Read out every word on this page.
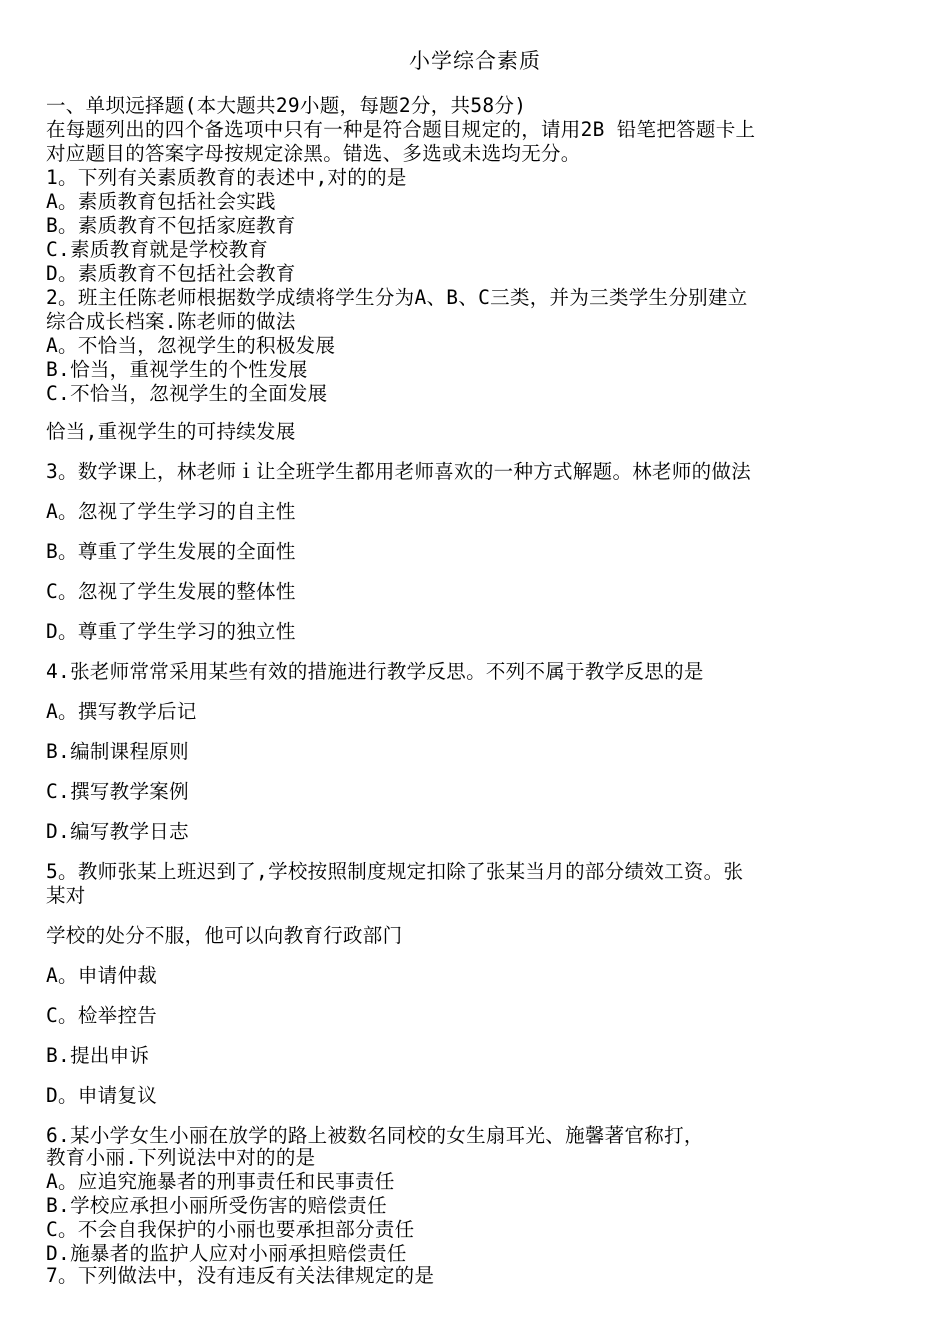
小学综合素质
一、单坝远择题(本大题共29小题，每题2分，共58分)
在每题列出的四个备选项中只有一种是符合题目规定的，请用2B 铅笔把答题卡上
对应题目的答案字母按规定涂黑。错选、多选或未选均无分。
1。下列有关素质教育的表述中,对的的是
A。素质教育包括社会实践
B。素质教育不包括家庭教育
C.素质教育就是学校教育
D。素质教育不包括社会教育
2。班主任陈老师根据数学成绩将学生分为A、B、C三类，并为三类学生分别建立
综合成长档案.陈老师的做法
A。不恰当，忽视学生的积极发展
B.恰当，重视学生的个性发展
C.不恰当，忽视学生的全面发展
恰当,重视学生的可持续发展
3。数学课上，林老师ｉ让全班学生都用老师喜欢的一种方式解题。林老师的做法
A。忽视了学生学习的自主性
B。尊重了学生发展的全面性
C。忽视了学生发展的整体性
D。尊重了学生学习的独立性
4.张老师常常采用某些有效的措施进行教学反思。不列不属于教学反思的是
A。撰写教学后记
B.编制课程原则
C.撰写教学案例
D.编写教学日志
5。教师张某上班迟到了,学校按照制度规定扣除了张某当月的部分绩效工资。张
某对
学校的处分不服，他可以向教育行政部门
A。申请仲裁
C。检举控告
B.提出申诉
D。申请复议
6.某小学女生小丽在放学的路上被数名同校的女生扇耳光、施馨著官称打，
教育小丽.下列说法中对的的是
A。应追究施暴者的刑事责任和民事责任
B.学校应承担小丽所受伤害的赔偿责任
C。不会自我保护的小丽也要承担部分责任
D.施暴者的监护人应对小丽承担赔偿责任
7。下列做法中，没有违反有关法律规定的是
